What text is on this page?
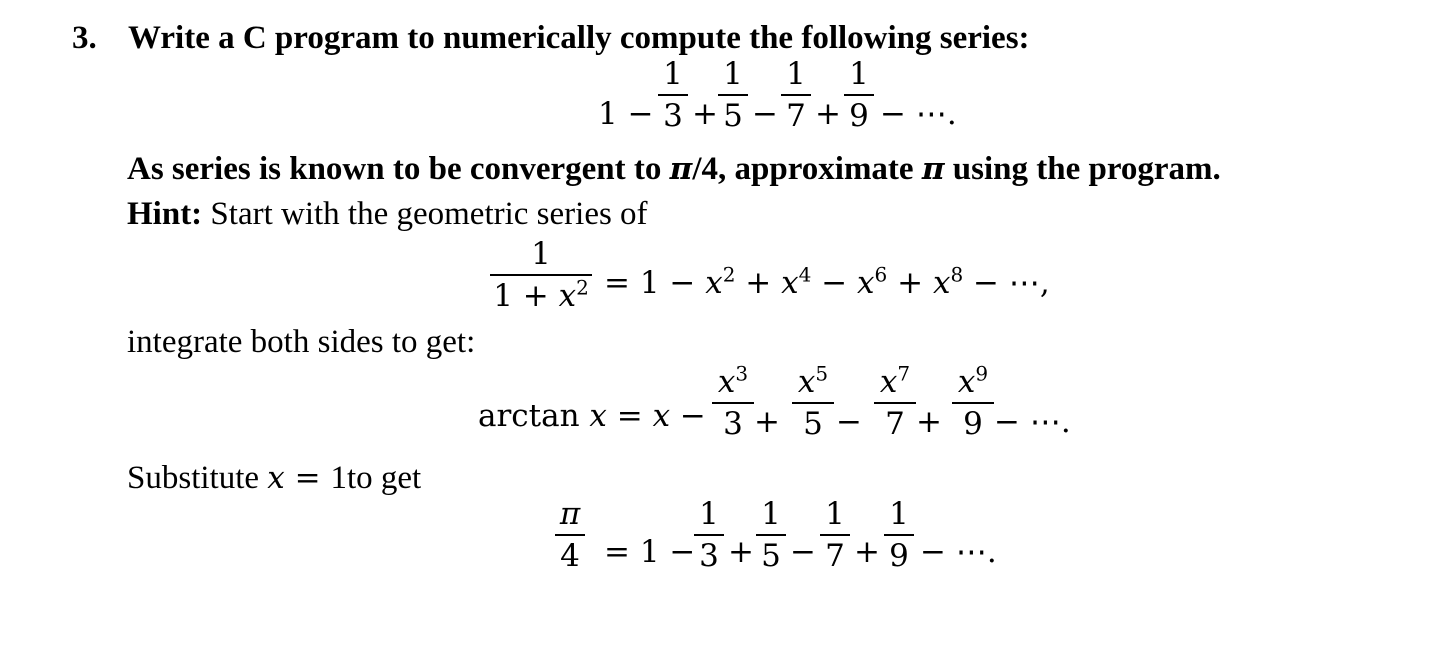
3. Write a C program to numerically compute the following series:
1 −
1
3 +
1
5 −
1
7 +
1
9 − ⋯.
As series is known to be convergent to π/4, approximate π using the program.
Hint: Start with the geometric series of
1
$1 + x^2 = 1 - x^2 + x^4 - x^6 + x^8$ − ⋯,
integrate both sides to get:
arctan x = x −
$x^3$
3 +
$x^5$
5 −
$x^7$
7 +
$x^9$
9 − ⋯.
Substitute x = 1to get
π
4 = 1 −
1
3 +
1
5 −
1
7 +
1
9 − ⋯.
